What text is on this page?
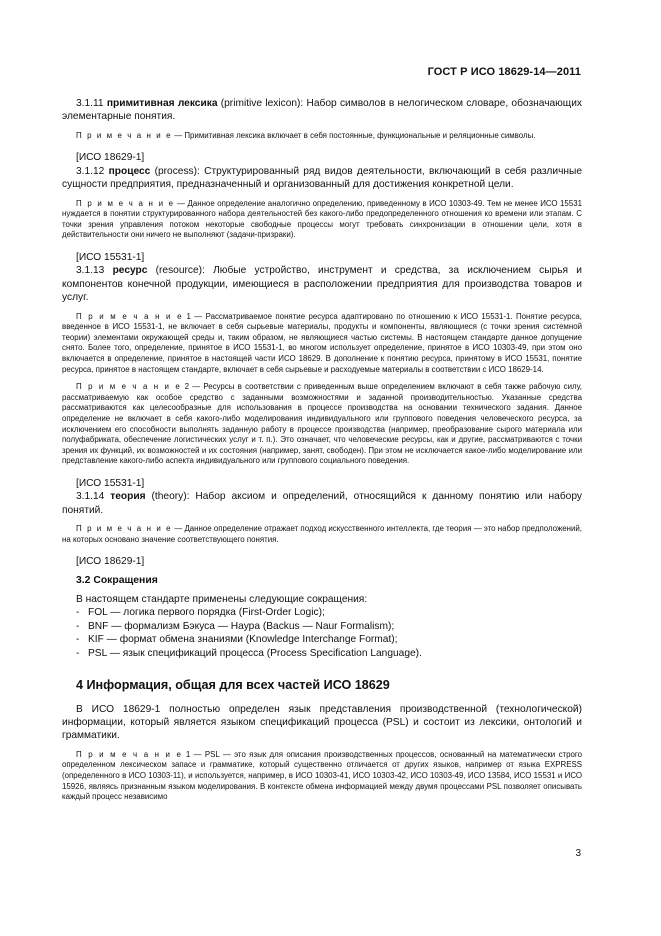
ГОСТ Р ИСО 18629-14—2011

3.1.11 примитивная лексика (primitive lexicon): Набор символов в нелогическом словаре, обозначающих элементарные понятия.

П р и м е ч а н и е — Примитивная лексика включает в себя постоянные, функциональные и реляционные символы.

[ИСО 18629-1]

3.1.12 процесс (process): Структурированный ряд видов деятельности, включающий в себя различные сущности предприятия, предназначенный и организованный для достижения конкретной цели.

П р и м е ч а н и е — Данное определение аналогично определению, приведенному в ИСО 10303-49. Тем не менее ИСО 15531 нуждается в понятии структурированного набора деятельностей без какого-либо предопределенного отношения ко времени или этапам. С точки зрения управления потоком некоторые свободные процессы могут требовать синхронизации в отношении цели, хотя в действительности они ничего не выполняют (задачи-призраки).

[ИСО 15531-1]

3.1.13 ресурс (resource): Любые устройство, инструмент и средства, за исключением сырья и компонентов конечной продукции, имеющиеся в расположении предприятия для производства товаров и услуг.

П р и м е ч а н и е 1 — Рассматриваемое понятие ресурса адаптировано по отношению к ИСО 15531-1. Понятие ресурса, введенное в ИСО 15531-1, не включает в себя сырьевые материалы, продукты и компоненты, являющиеся (с точки зрения системной теории) элементами окружающей среды и, таким образом, не являющиеся частью системы. В настоящем стандарте данное допущение снято. Более того, определение, принятое в ИСО 15531-1, во многом использует определение, принятое в ИСО 10303-49, при этом оно включается в определение, принятое в настоящей части ИСО 18629. В дополнение к понятию ресурса, принятому в ИСО 15531, понятие ресурса, принятое в настоящем стандарте, включает в себя сырьевые и расходуемые материалы в соответствии с ИСО 18629-14.

П р и м е ч а н и е 2 — Ресурсы в соответствии с приведенным выше определением включают в себя также рабочую силу, рассматриваемую как особое средство с заданными возможностями и заданной производительностью. Указанные средства рассматриваются как целесообразные для использования в процессе производства на основании технического задания. Данное определение не включает в себя какого-либо моделирования индивидуального или группового поведения человеческого ресурса, за исключением его способности выполнять заданную работу в процессе производства (например, преобразование сырого материала или полуфабриката, обеспечение логистических услуг и т. п.). Это означает, что человеческие ресурсы, как и другие, рассматриваются с точки зрения их функций, их возможностей и их состояния (например, занят, свободен). При этом не исключается какое-либо моделирование или представление какого-либо аспекта индивидуального или группового социального поведения.

[ИСО 15531-1]

3.1.14 теория (theory): Набор аксиом и определений, относящийся к данному понятию или набору понятий.

П р и м е ч а н и е — Данное определение отражает подход искусственного интеллекта, где теория — это набор предположений, на которых основано значение соответствующего понятия.

[ИСО 18629-1]

3.2 Сокращения

В настоящем стандарте применены следующие сокращения:

- FOL — логика первого порядка (First-Order Logic);
- BNF — формализм Бэкуса — Наура (Backus — Naur Formalism);
- KIF — формат обмена знаниями (Knowledge Interchange Format);
- PSL — язык спецификаций процесса (Process Specification Language).

4 Информация, общая для всех частей ИСО 18629

В ИСО 18629-1 полностью определен язык представления производственной (технологической) информации, который является языком спецификаций процесса (PSL) и состоит из лексики, онтологий и грамматики.

П р и м е ч а н и е 1 — PSL — это язык для описания производственных процессов, основанный на математически строго определенном лексическом запасе и грамматике, который существенно отличается от других языков, например от языка EXPRESS (определенного в ИСО 10303-11), и используется, например, в ИСО 10303-41, ИСО 10303-42, ИСО 10303-49, ИСО 13584, ИСО 15531 и ИСО 15926, являясь признанным языком моделирования. В контексте обмена информацией между двумя процессами PSL позволяет описывать каждый процесс независимо

3
